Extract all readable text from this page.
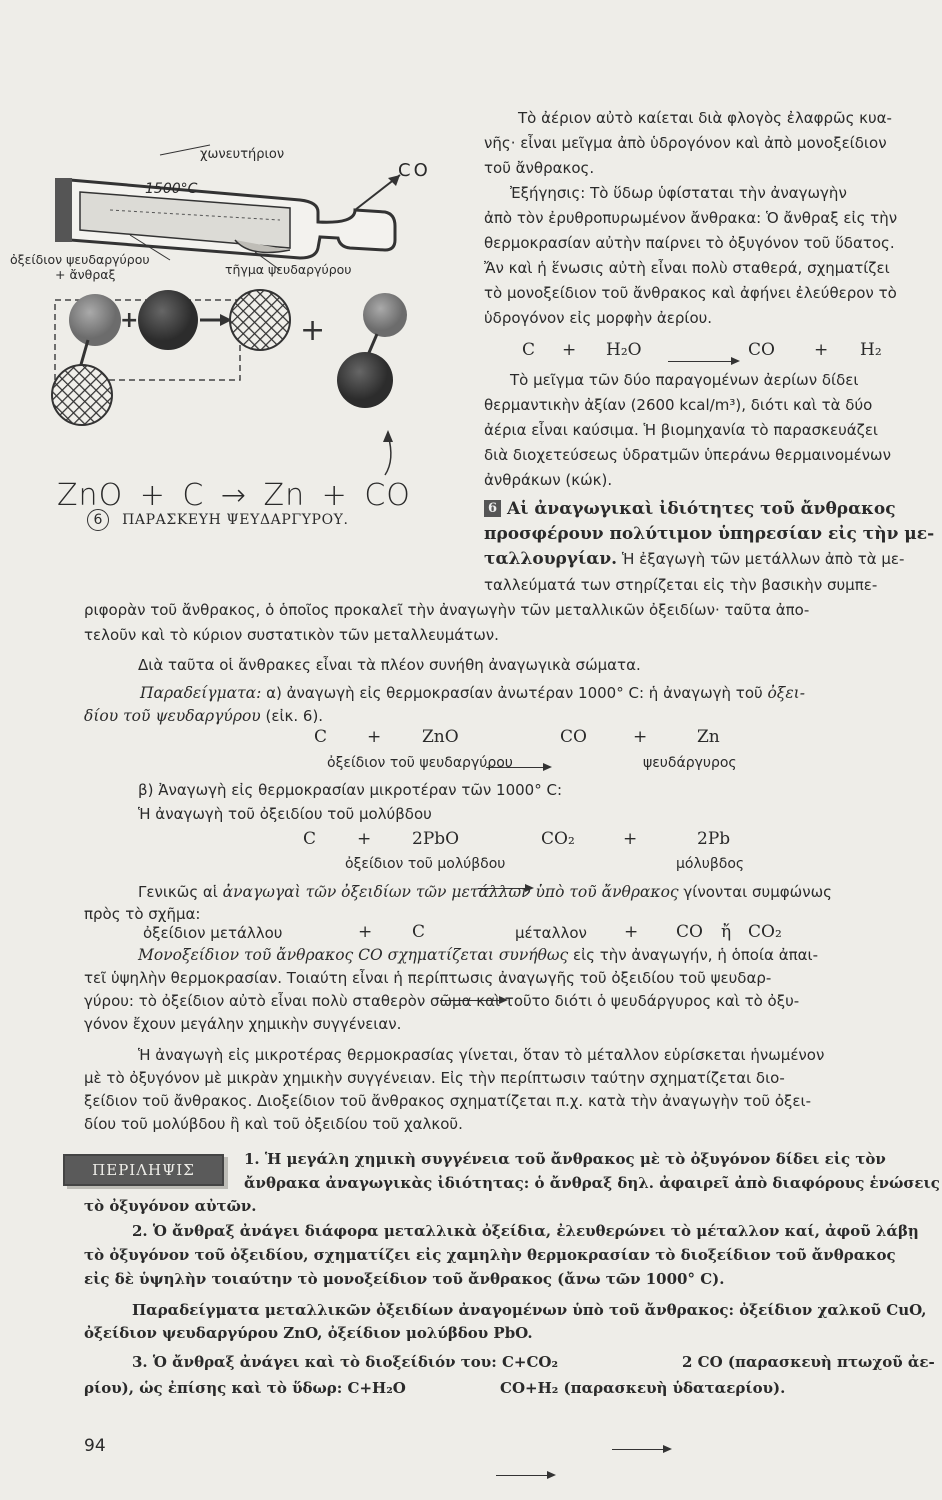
+	+
χωνευτήριον
1500°C
CO
ὀξείδιον ψευδαργύρου
+ ἄνθραξ	τῆγμα ψευδαργύρου
ZnO + C → Zn + CO
6 ΠΑΡΑΣΚΕΥΗ ΨΕΥΔΑΡΓΥΡΟΥ.
Τὸ ἀέριον αὐτὸ καίεται διὰ φλογὸς ἐλαφρῶς κυα-
νῆς· εἶναι μεῖγμα ἀπὸ ὑδρογόνον καὶ ἀπὸ μονοξείδιον
τοῦ ἄνθρακος.
Ἐξήγησις: Τὸ ὕδωρ ὑφίσταται τὴν ἀναγωγὴν
ἀπὸ τὸν ἐρυθροπυρωμένον ἄνθρακα: Ὁ ἄνθραξ εἰς τὴν
θερμοκρασίαν αὐτὴν παίρνει τὸ ὀξυγόνον τοῦ ὕδατος.
Ἄν καὶ ἡ ἕνωσις αὐτὴ εἶναι πολὺ σταθερά, σχηματίζει
τὸ μονοξείδιον τοῦ ἄνθρακος καὶ ἀφήνει ἐλεύθερον τὸ
ὑδρογόνον εἰς μορφὴν ἀερίου.
C + H₂O	CO + H₂
Τὸ μεῖγμα τῶν δύο παραγομένων ἀερίων δίδει
θερμαντικὴν ἀξίαν (2600 kcal/m³), διότι καὶ τὰ δύο
ἀέρια εἶναι καύσιμα. Ἡ βιομηχανία τὸ παρασκευάζει
διὰ διοχετεύσεως ὑδρατμῶν ὑπεράνω θερμαινομένων
ἀνθράκων (κώκ).
6 Αἱ ἀναγωγικαὶ ἰδιότητες τοῦ ἄνθρακος
προσφέρουν πολύτιμον ὑπηρεσίαν εἰς τὴν με-
ταλλουργίαν. Ἡ ἐξαγωγὴ τῶν μετάλλων ἀπὸ τὰ με-
ταλλεύματά των στηρίζεται εἰς τὴν βασικὴν συμπε-
ριφορὰν τοῦ ἄνθρακος, ὁ ὁποῖος προκαλεῖ τὴν ἀναγωγὴν τῶν μεταλλικῶν ὀξειδίων· ταῦτα ἀπο-
τελοῦν καὶ τὸ κύριον συστατικὸν τῶν μεταλλευμάτων.
Διὰ ταῦτα οἱ ἄνθρακες εἶναι τὰ πλέον συνήθη ἀναγωγικὰ σώματα.
Παραδείγματα: α) ἀναγωγὴ εἰς θερμοκρασίαν ἀνωτέραν 1000° C: ἡ ἀναγωγὴ τοῦ ὀξει-
δίου τοῦ ψευδαργύρου (εἰκ. 6).
C + ZnO	CO	+	Zn
ὀξείδιον τοῦ ψευδαργύρου	ψευδάργυρος
β) Ἀναγωγὴ εἰς θερμοκρασίαν μικροτέραν τῶν 1000° C:
Ἡ ἀναγωγὴ τοῦ ὀξειδίου τοῦ μολύβδου
C + 2PbO	CO₂	+	2Pb
ὀξείδιον τοῦ μολύβδου	μόλυβδος
Γενικῶς αἱ ἀναγωγαὶ τῶν ὀξειδίων τῶν μετάλλων ὑπὸ τοῦ ἄνθρακος γίνονται συμφώνως
πρὸς τὸ σχῆμα:
ὀξείδιον μετάλλου	+ C	μέταλλον + CO ἤ CO₂
Μονοξείδιον τοῦ ἄνθρακος CO σχηματίζεται συνήθως εἰς τὴν ἀναγωγήν, ἡ ὁποία ἀπαι-
τεῖ ὑψηλὴν θερμοκρασίαν. Τοιαύτη εἶναι ἡ περίπτωσις ἀναγωγῆς τοῦ ὀξειδίου τοῦ ψευδαρ-
γύρου: τὸ ὀξείδιον αὐτὸ εἶναι πολὺ σταθερὸν σῶμα καὶ τοῦτο διότι ὁ ψευδάργυρος καὶ τὸ ὀξυ-
γόνον ἔχουν μεγάλην χημικὴν συγγένειαν.
Ἡ ἀναγωγὴ εἰς μικροτέρας θερμοκρασίας γίνεται, ὅταν τὸ μέταλλον εὑρίσκεται ἡνωμένον
μὲ τὸ ὀξυγόνον μὲ μικρὰν χημικὴν συγγένειαν. Εἰς τὴν περίπτωσιν ταύτην σχηματίζεται διο-
ξείδιον τοῦ ἄνθρακος. Διοξείδιον τοῦ ἄνθρακος σχηματίζεται π.χ. κατὰ τὴν ἀναγωγὴν τοῦ ὀξει-
δίου τοῦ μολύβδου ἢ καὶ τοῦ ὀξειδίου τοῦ χαλκοῦ.
ΠΕΡΙΛΗΨΙΣ
1. Ἡ μεγάλη χημικὴ συγγένεια τοῦ ἄνθρακος μὲ τὸ ὀξυγόνον δίδει εἰς τὸν
ἄνθρακα ἀναγωγικὰς ἰδιότητας: ὁ ἄνθραξ δηλ. ἀφαιρεῖ ἀπὸ διαφόρους ἑνώσεις
τὸ ὀξυγόνον αὐτῶν.
2. Ὁ ἄνθραξ ἀνάγει διάφορα μεταλλικὰ ὀξείδια, ἐλευθερώνει τὸ μέταλλον καί, ἀφοῦ λάβῃ
τὸ ὀξυγόνον τοῦ ὀξειδίου, σχηματίζει εἰς χαμηλὴν θερμοκρασίαν τὸ διοξείδιον τοῦ ἄνθρακος
εἰς δὲ ὑψηλὴν τοιαύτην τὸ μονοξείδιον τοῦ ἄνθρακος (ἄνω τῶν 1000° C).
Παραδείγματα μεταλλικῶν ὀξειδίων ἀναγομένων ὑπὸ τοῦ ἄνθρακος: ὀξείδιον χαλκοῦ CuO,
ὀξείδιον ψευδαργύρου ZnO, ὀξείδιον μολύβδου PbO.
3. Ὁ ἄνθραξ ἀνάγει καὶ τὸ διοξείδιόν του: C+CO₂
	2 CO (παρασκευὴ πτωχοῦ ἀε-
ρίου), ὡς ἐπίσης καὶ τὸ ὕδωρ: C+H₂O	CO+H₂ (παρασκευὴ ὑδαταερίου).
94
